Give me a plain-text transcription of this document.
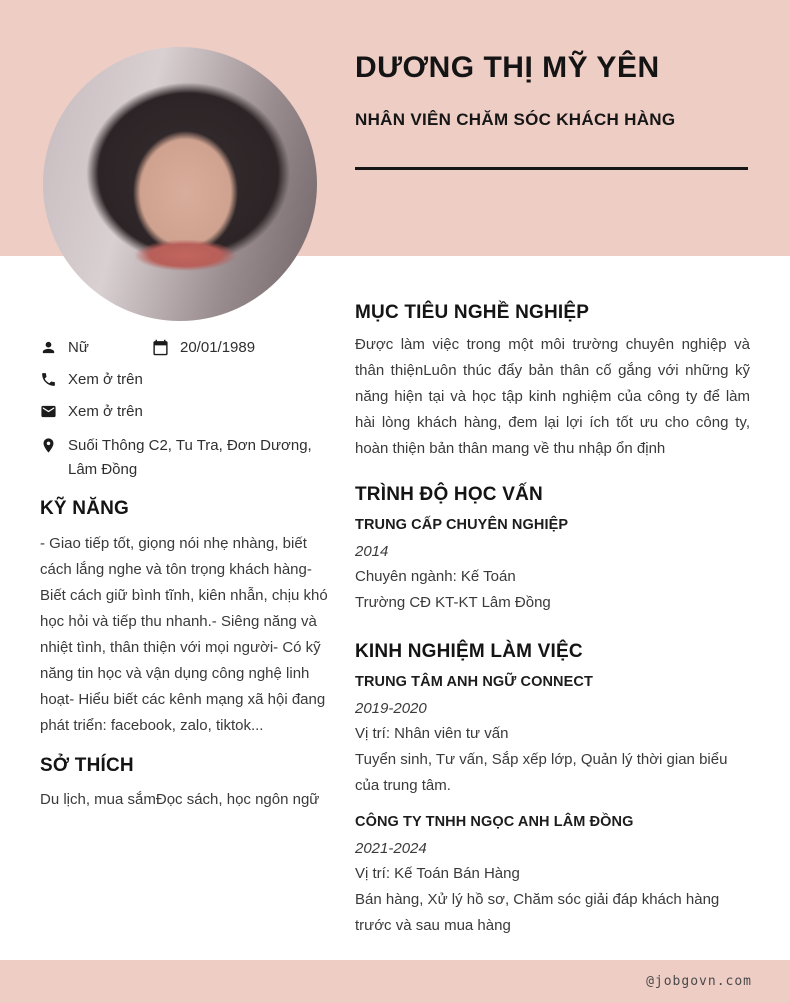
DƯƠNG THỊ MỸ YÊN
NHÂN VIÊN CHĂM SÓC KHÁCH HÀNG
Nữ	20/01/1989
Xem ở trên
Xem ở trên
Suối Thông C2, Tu Tra, Đơn Dương, Lâm Đồng
KỸ NĂNG

- Giao tiếp tốt, giọng nói nhẹ nhàng, biết cách lắng nghe và tôn trọng khách hàng- Biết cách giữ bình tĩnh, kiên nhẫn, chịu khó học hỏi và tiếp thu nhanh.- Siêng năng và nhiệt tình, thân thiện với mọi người- Có kỹ năng tin học và vận dụng công nghệ linh hoạt- Hiểu biết các kênh mạng xã hội đang phát triển: facebook, zalo, tiktok...

SỞ THÍCH

Du lịch, mua sắmĐọc sách, học ngôn ngữ

MỤC TIÊU NGHỀ NGHIỆP

Được làm việc trong một môi trường chuyên nghiệp và thân thiệnLuôn thúc đẩy bản thân cố gắng với những kỹ năng hiện tại và học tập kinh nghiệm của công ty để làm hài lòng khách hàng, đem lại lợi ích tốt ưu cho công ty, hoàn thiện bản thân mang về thu nhập ổn định

TRÌNH ĐỘ HỌC VẤN
TRUNG CẤP CHUYÊN NGHIỆP
2014
Chuyên ngành: Kế Toán
Trường CĐ KT-KT Lâm Đồng
KINH NGHIỆM LÀM VIỆC
TRUNG TÂM ANH NGỮ CONNECT
2019-2020
Vị trí: Nhân viên tư vấn
Tuyển sinh, Tư vấn, Sắp xếp lớp, Quản lý thời gian biểu của trung tâm.
CÔNG TY TNHH NGỌC ANH LÂM ĐỒNG
2021-2024
Vị trí: Kế Toán Bán Hàng
Bán hàng, Xử lý hồ sơ, Chăm sóc giải đáp khách hàng trước và sau mua hàng
@jobgovn.com
